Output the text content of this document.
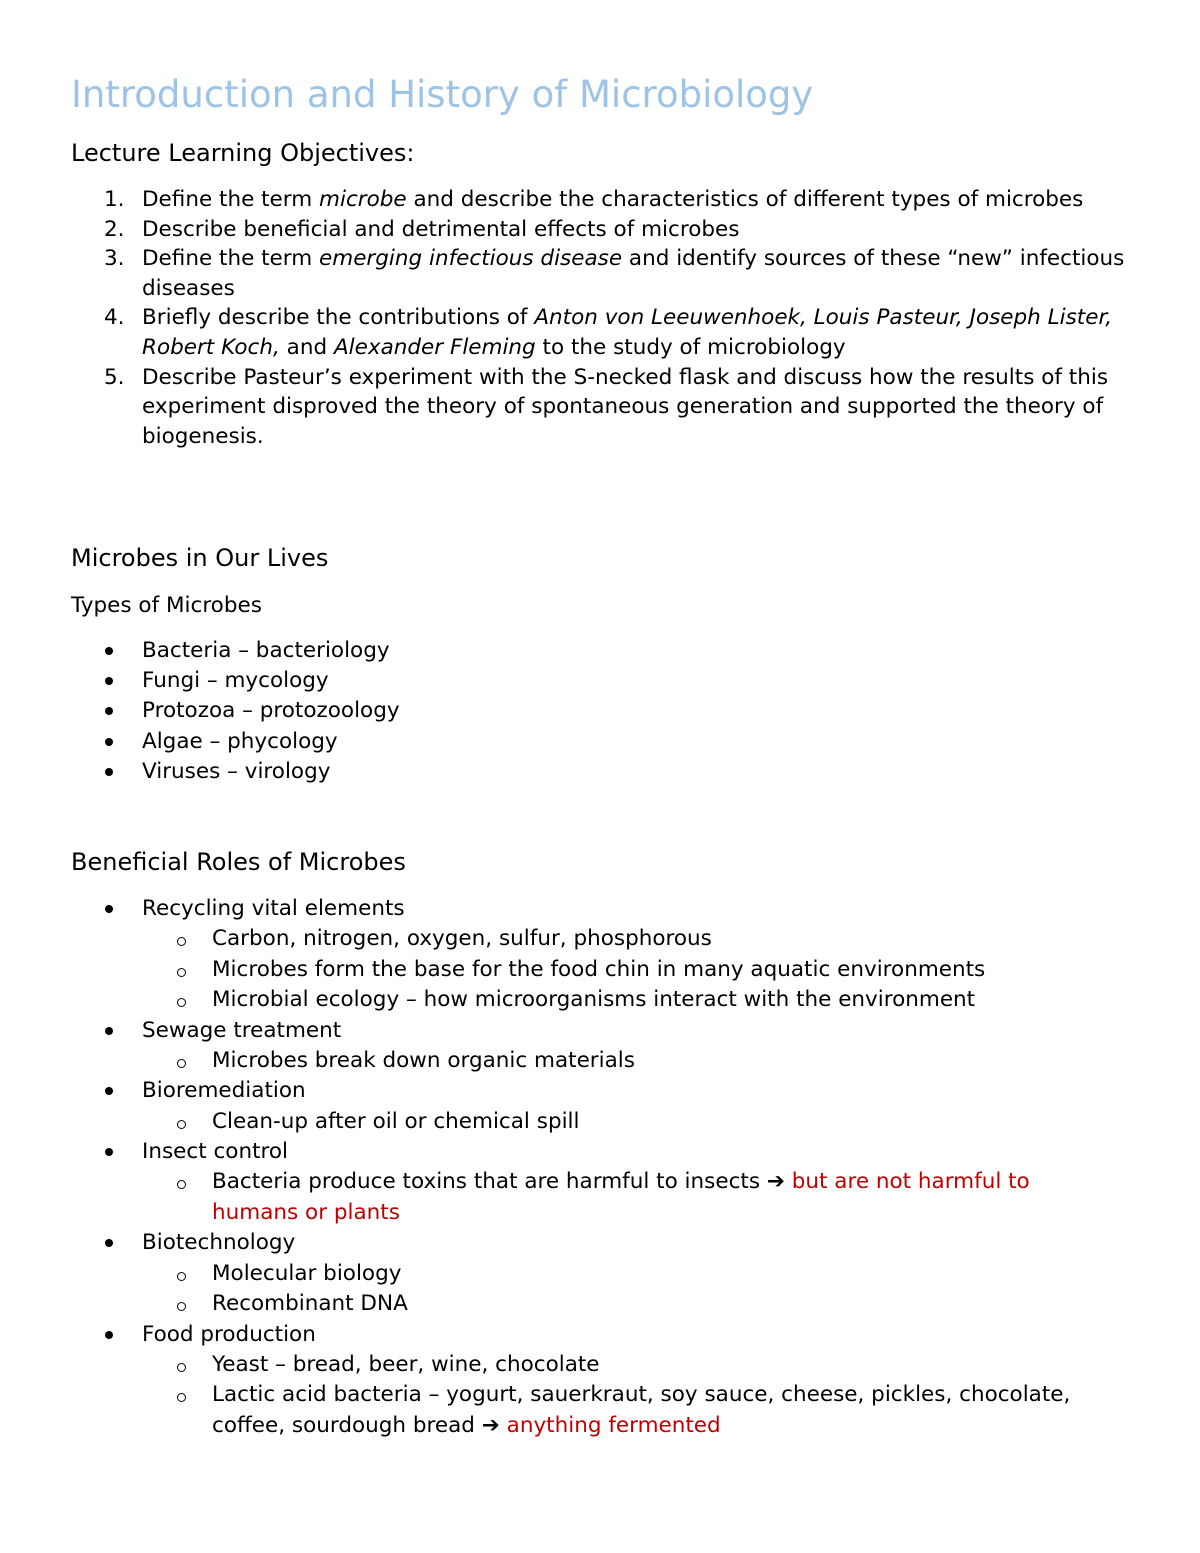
Introduction and History of Microbiology
Lecture Learning Objectives:
1. Define the term microbe and describe the characteristics of different types of microbes
2. Describe beneficial and detrimental effects of microbes
3. Define the term emerging infectious disease and identify sources of these “new” infectious diseases
4. Briefly describe the contributions of Anton von Leeuwenhoek, Louis Pasteur, Joseph Lister, Robert Koch, and Alexander Fleming to the study of microbiology
5. Describe Pasteur’s experiment with the S-necked flask and discuss how the results of this experiment disproved the theory of spontaneous generation and supported the theory of biogenesis.
Microbes in Our Lives
Types of Microbes
Bacteria – bacteriology
Fungi – mycology
Protozoa – protozoology
Algae – phycology
Viruses – virology
Beneficial Roles of Microbes
Recycling vital elements
Carbon, nitrogen, oxygen, sulfur, phosphorous
Microbes form the base for the food chin in many aquatic environments
Microbial ecology – how microorganisms interact with the environment
Sewage treatment
Microbes break down organic materials
Bioremediation
Clean-up after oil or chemical spill
Insect control
Bacteria produce toxins that are harmful to insects ➔ but are not harmful to humans or plants
Biotechnology
Molecular biology
Recombinant DNA
Food production
Yeast – bread, beer, wine, chocolate
Lactic acid bacteria – yogurt, sauerkraut, soy sauce, cheese, pickles, chocolate, coffee, sourdough bread ➔ anything fermented
